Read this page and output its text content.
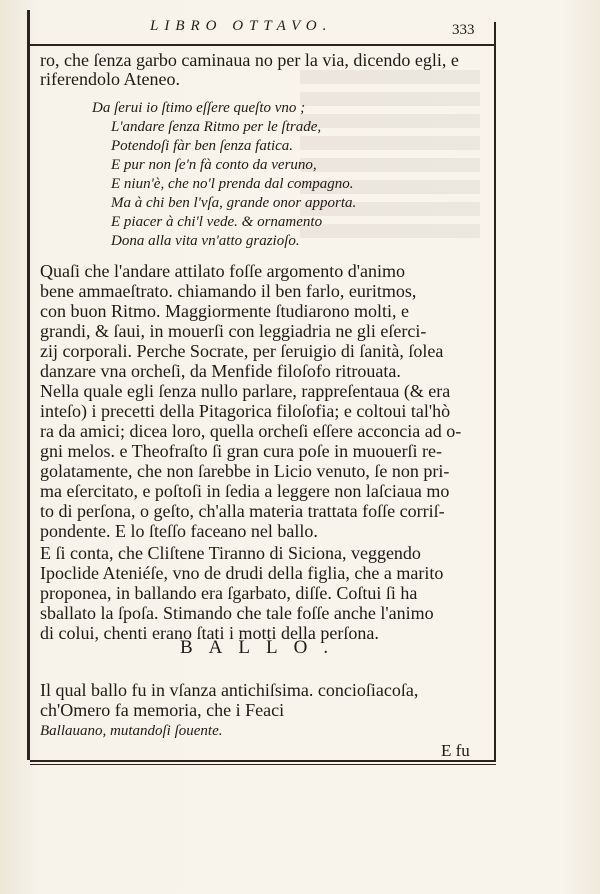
LIBRO OTTAVO.	333
ro, che ſenza garbo caminaua no per la via, dicendo egli, e
riferendolo Ateneo.
Da ſerui io ſtimo eſſere queſto vno ;
L'andare ſenza Ritmo per le ſtrade,
Potendoſi fàr ben ſenza fatica.
E pur non ſe'n fà conto da veruno,
E niun'è, che no'l prenda dal compagno.
Ma à chi ben l'vſa, grande onor apporta.
E piacer à chi'l vede. & ornamento
Dona alla vita vn'atto grazioſo.
Quaſi che l'andare attilato foſſe argomento d'animo
bene ammaeſtrato. chiamando il ben farlo, euritmos,
con buon Ritmo. Maggiormente ſtudiarono molti, e
grandi, & ſaui, in mouerſi con leggiadria ne gli eſerci-
zij corporali. Perche Socrate, per ſeruigio di ſanità, ſolea
danzare vna orcheſi, da Menfide filoſofo ritrouata.
Nella quale egli ſenza nullo parlare, rappreſentaua (& era
inteſo) i precetti della Pitagorica filoſofia; e coltoui tal'hò
ra da amici; dicea loro, quella orcheſi eſſere acconcia ad o-
gni melos. e Theofraſto ſi gran cura poſe in muouerſi re-
golatamente, che non ſarebbe in Licio venuto, ſe non pri-
ma eſercitato, e poſtoſi in ſedia a leggere non laſciaua mo
to di perſona, o geſto, ch'alla materia trattata foſſe corriſ-
pondente. E lo ſteſſo faceano nel ballo.
E ſi conta, che Cliſtene Tiranno di Siciona, veggendo
Ipoclide Ateniéſe, vno de drudi della figlia, che a marito
proponea, in ballando era ſgarbato, diſſe. Coſtui ſi ha
sballato la ſpoſa. Stimando che tale foſſe anche l'animo
di colui, chenti erano ſtati i motti della perſona.
BALLO.
Il qual ballo fu in vſanza antichiſsima. concioſiacoſa,
ch'Omero fa memoria, che i Feaci
Ballauano, mutandoſi ſouente.
E fu
